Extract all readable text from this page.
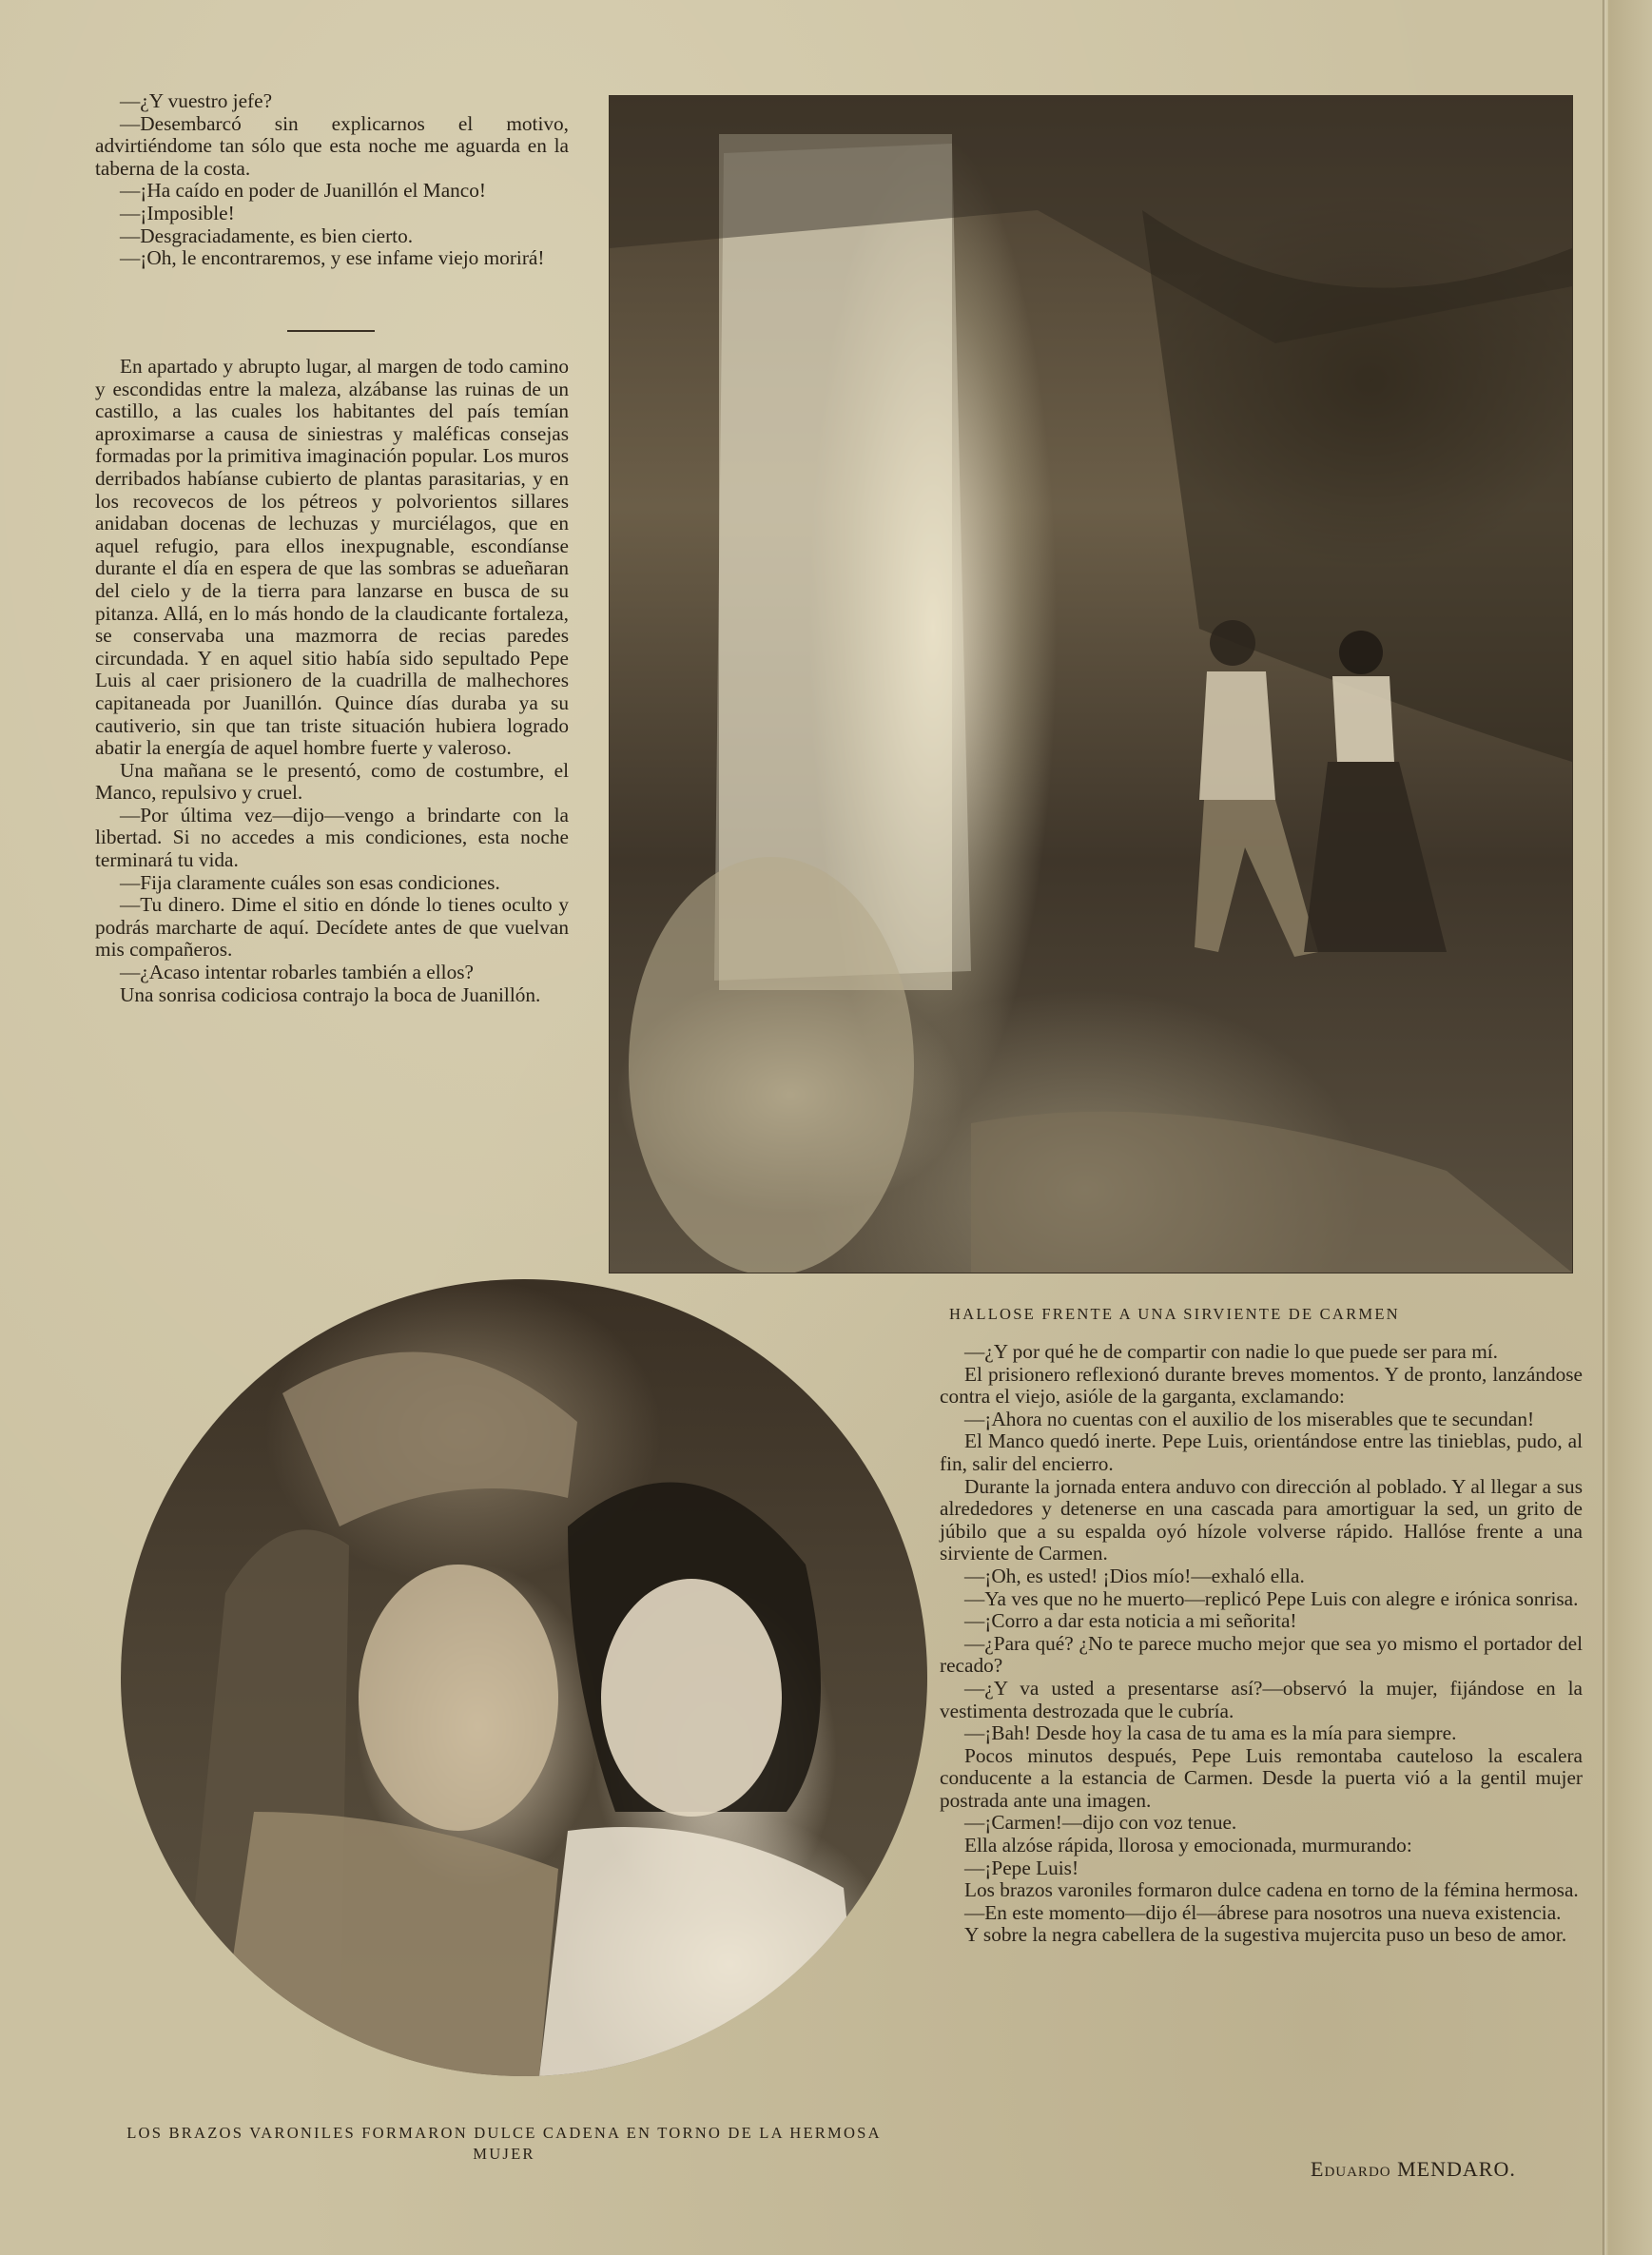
—¿Y vuestro jefe?

—Desembarcó sin explicarnos el motivo, advirtiéndome tan sólo que esta noche me aguarda en la taberna de la costa.

—¡Ha caído en poder de Juanillón el Manco!

—¡Imposible!

—Desgraciadamente, es bien cierto.

—¡Oh, le encontraremos, y ese infame viejo morirá!

En apartado y abrupto lugar, al margen de todo camino y escondidas entre la maleza, alzábanse las ruinas de un castillo, a las cuales los habitantes del país temían aproximarse a causa de siniestras y maléficas consejas formadas por la primitiva imaginación popular. Los muros derribados habíanse cubierto de plantas parasitarias, y en los recovecos de los pétreos y polvorientos sillares anidaban docenas de lechuzas y murciélagos, que en aquel refugio, para ellos inexpugnable, escondíanse durante el día en espera de que las sombras se adueñaran del cielo y de la tierra para lanzarse en busca de su pitanza. Allá, en lo más hondo de la claudicante fortaleza, se conservaba una mazmorra de recias paredes circundada. Y en aquel sitio había sido sepultado Pepe Luis al caer prisionero de la cuadrilla de malhechores capitaneada por Juanillón. Quince días duraba ya su cautiverio, sin que tan triste situación hubiera logrado abatir la energía de aquel hombre fuerte y valeroso.

Una mañana se le presentó, como de costumbre, el Manco, repulsivo y cruel.

—Por última vez—dijo—vengo a brindarte con la libertad. Si no accedes a mis condiciones, esta noche terminará tu vida.

—Fija claramente cuáles son esas condiciones.

—Tu dinero. Dime el sitio en dónde lo tienes oculto y podrás marcharte de aquí. Decídete antes de que vuelvan mis compañeros.

—¿Acaso intentar robarles también a ellos?

Una sonrisa codiciosa contrajo la boca de Juanillón.

HALLOSE FRENTE A UNA SIRVIENTE DE CARMEN
LOS BRAZOS VARONILES FORMARON DULCE CADENA EN TORNO DE LA HERMOSA MUJER

—¿Y por qué he de compartir con nadie lo que puede ser para mí.

El prisionero reflexionó durante breves momentos. Y de pronto, lanzándose contra el viejo, asióle de la garganta, exclamando:

—¡Ahora no cuentas con el auxilio de los miserables que te secundan!

El Manco quedó inerte. Pepe Luis, orientándose entre las tinieblas, pudo, al fin, salir del encierro.

Durante la jornada entera anduvo con dirección al poblado. Y al llegar a sus alrededores y detenerse en una cascada para amortiguar la sed, un grito de júbilo que a su espalda oyó hízole volverse rápido. Hallóse frente a una sirviente de Carmen.

—¡Oh, es usted! ¡Dios mío!—exhaló ella.

—Ya ves que no he muerto—replicó Pepe Luis con alegre e irónica sonrisa.

—¡Corro a dar esta noticia a mi señorita!

—¿Para qué? ¿No te parece mucho mejor que sea yo mismo el portador del recado?

—¿Y va usted a presentarse así?—observó la mujer, fijándose en la vestimenta destrozada que le cubría.

—¡Bah! Desde hoy la casa de tu ama es la mía para siempre.

Pocos minutos después, Pepe Luis remontaba cauteloso la escalera conducente a la estancia de Carmen. Desde la puerta vió a la gentil mujer postrada ante una imagen.

—¡Carmen!—dijo con voz tenue.

Ella alzóse rápida, llorosa y emocionada, murmurando:

—¡Pepe Luis!

Los brazos varoniles formaron dulce cadena en torno de la fémina hermosa.

—En este momento—dijo él—ábrese para nosotros una nueva existencia.

Y sobre la negra cabellera de la sugestiva mujercita puso un beso de amor.

Eduardo MENDARO.
